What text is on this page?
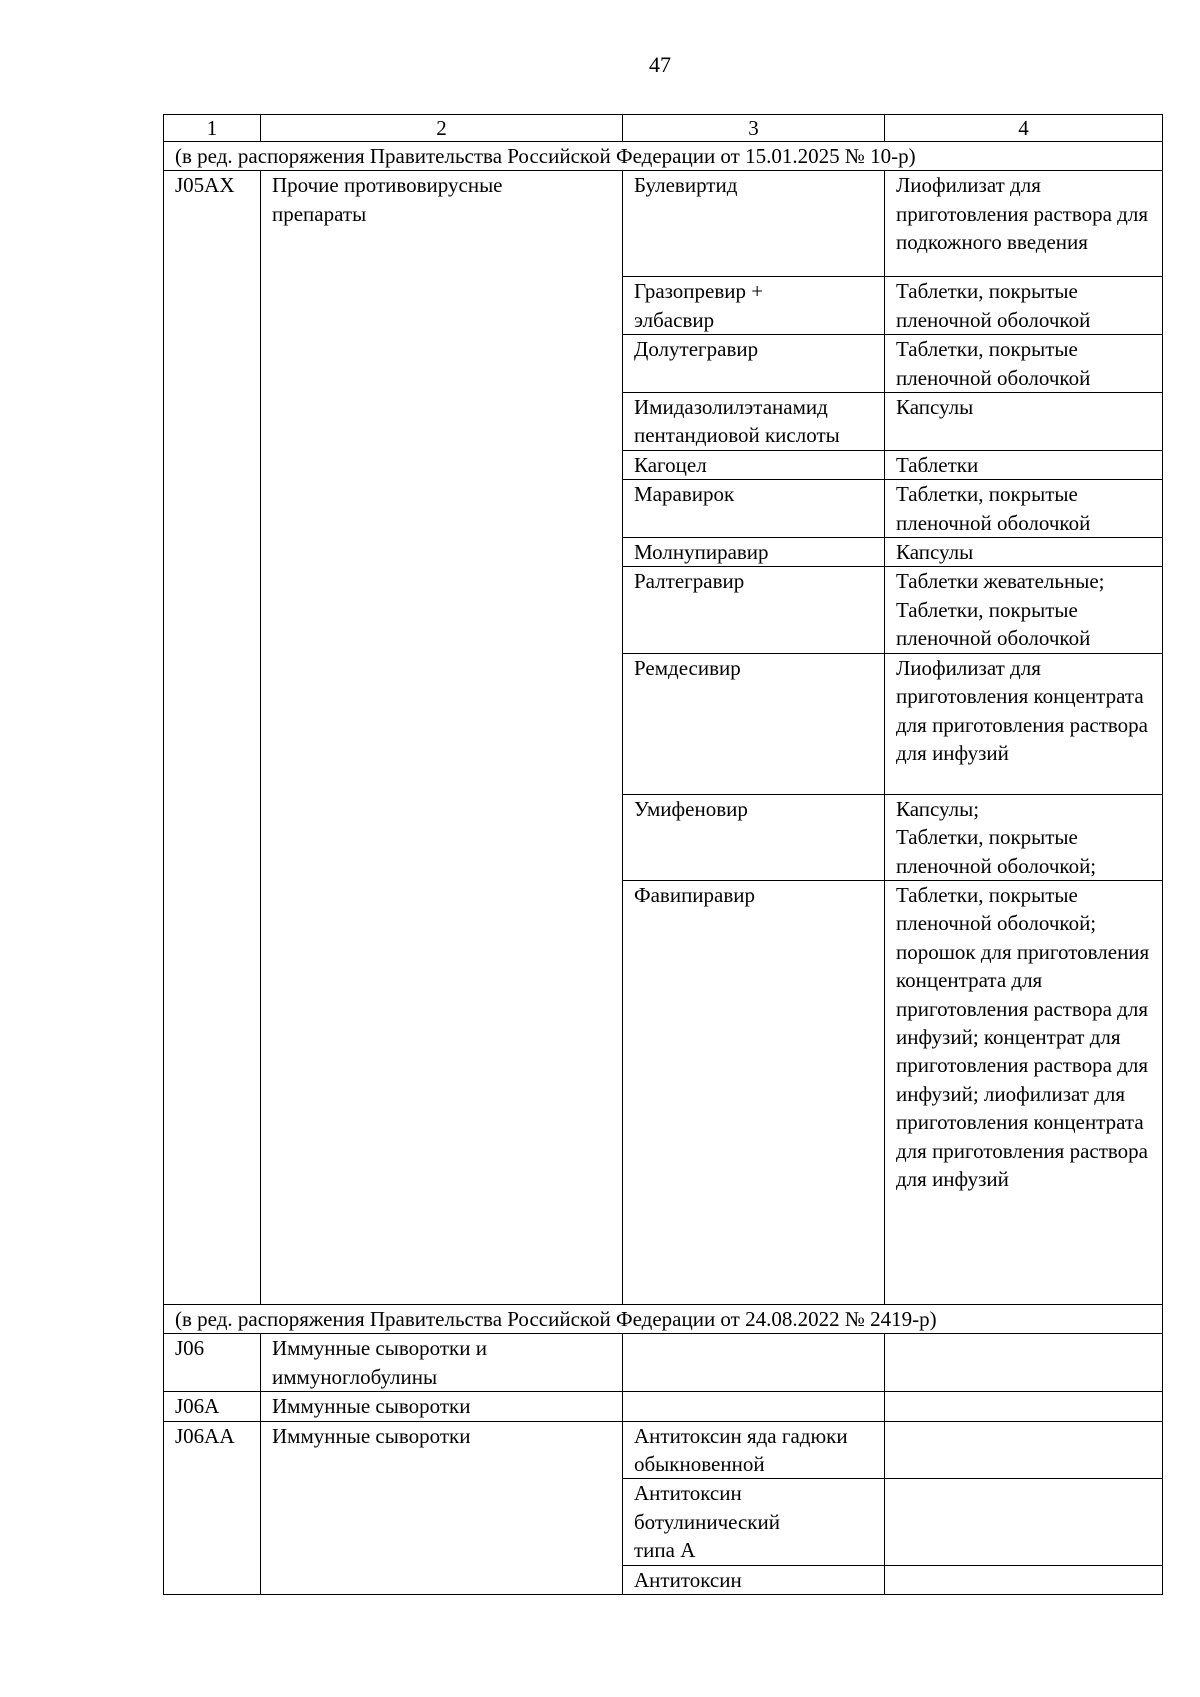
47
1	2	3	4
(в ред. распоряжения Правительства Российской Федерации от 15.01.2025 № 10-р)			
J05AX	Прочие противовирусные препараты	Булевиртид	Лиофилизат для приготовления раствора для подкожного введения
		Гразопревир + элбасвир	Таблетки, покрытые пленочной оболочкой
		Долутегравир	Таблетки, покрытые пленочной оболочкой
		Имидазолилэтанамид пентандиовой кислоты	Капсулы
		Кагоцел	Таблетки
		Маравирок	Таблетки, покрытые пленочной оболочкой
		Молнупиравир	Капсулы
		Ралтегравир	Таблетки жевательные;
Таблетки, покрытые пленочной оболочкой
		Ремдесивир	Лиофилизат для приготовления концентрата для приготовления раствора для инфузий
		Умифеновир	Капсулы;
Таблетки, покрытые пленочной оболочкой;
		Фавипиравир	Таблетки, покрытые пленочной оболочкой; порошок для приготовления концентрата для приготовления раствора для инфузий; концентрат для приготовления раствора для инфузий; лиофилизат для приготовления концентрата для приготовления раствора для инфузий
(в ред. распоряжения Правительства Российской Федерации от 24.08.2022 № 2419-р)			
J06	Иммунные сыворотки и иммуноглобулины		
J06A	Иммунные сыворотки		
J06AA	Иммунные сыворотки	Антитоксин яда гадюки обыкновенной	
		Антитоксин ботулинический типа А	
		Антитоксин	
